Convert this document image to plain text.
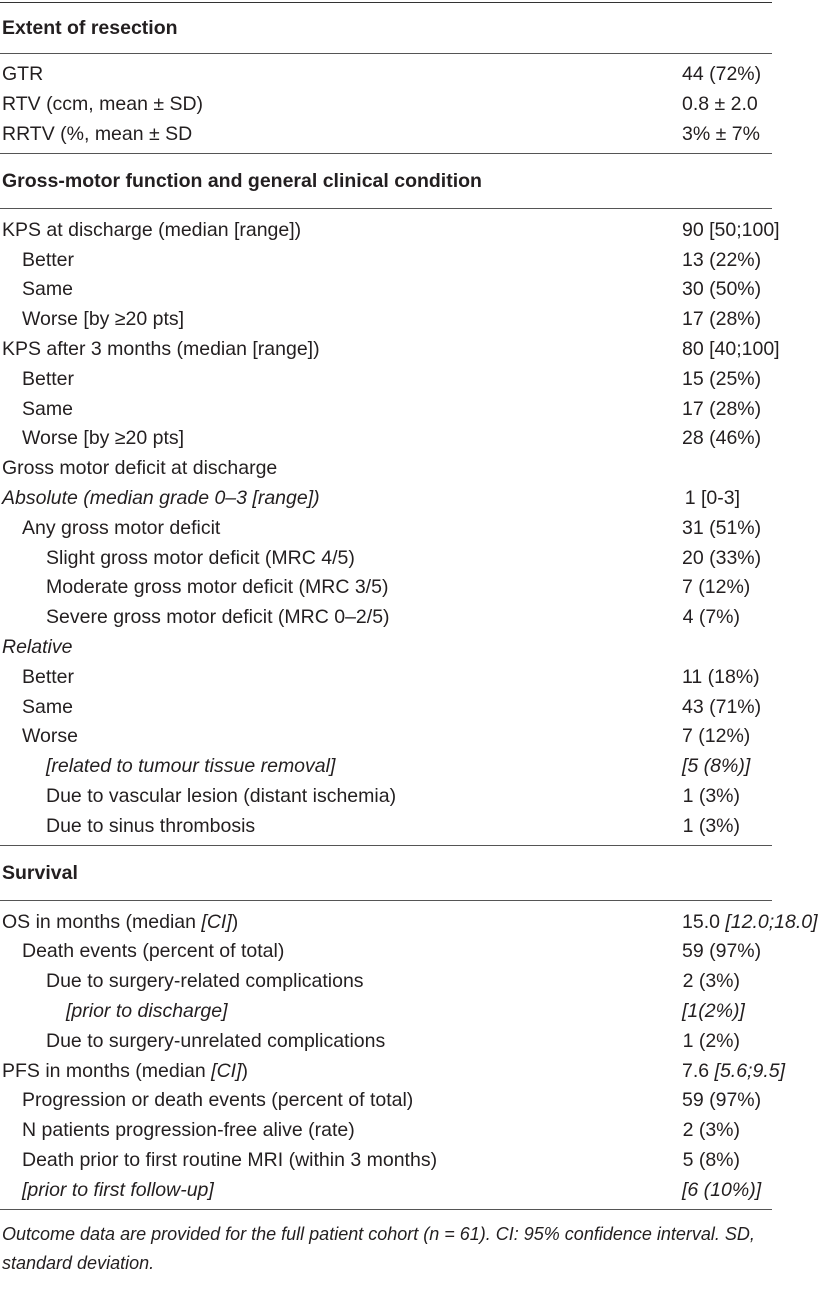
Extent of resection
GTR	44 (72%)
RTV (ccm, mean ± SD)	0.8 ± 2.0
RRTV (%, mean ± SD	3% ± 7%
Gross-motor function and general clinical condition
KPS at discharge (median [range])	90 [50;100]
Better	13 (22%)
Same	30 (50%)
Worse [by ≥20 pts]	17 (28%)
KPS after 3 months (median [range])	80 [40;100]
Better	15 (25%)
Same	17 (28%)
Worse [by ≥20 pts]	28 (46%)
Gross motor deficit at discharge
Absolute (median grade 0–3 [range])	1 [0-3]
Any gross motor deficit	31 (51%)
Slight gross motor deficit (MRC 4/5)	20 (33%)
Moderate gross motor deficit (MRC 3/5)	7 (12%)
Severe gross motor deficit (MRC 0–2/5)	4 (7%)
Relative
Better	11 (18%)
Same	43 (71%)
Worse	7 (12%)
[related to tumour tissue removal]	[5 (8%)]
Due to vascular lesion (distant ischemia)	1 (3%)
Due to sinus thrombosis	1 (3%)
Survival
OS in months (median [CI])	15.0 [12.0;18.0]
Death events (percent of total)	59 (97%)
Due to surgery-related complications	2 (3%)
[prior to discharge]	[1(2%)]
Due to surgery-unrelated complications	1 (2%)
PFS in months (median [CI])	7.6 [5.6;9.5]
Progression or death events (percent of total)	59 (97%)
N patients progression-free alive (rate)	2 (3%)
Death prior to first routine MRI (within 3 months)	5 (8%)
[prior to first follow-up]	[6 (10%)]
Outcome data are provided for the full patient cohort (n = 61). CI: 95% confidence interval. SD, standard deviation.
